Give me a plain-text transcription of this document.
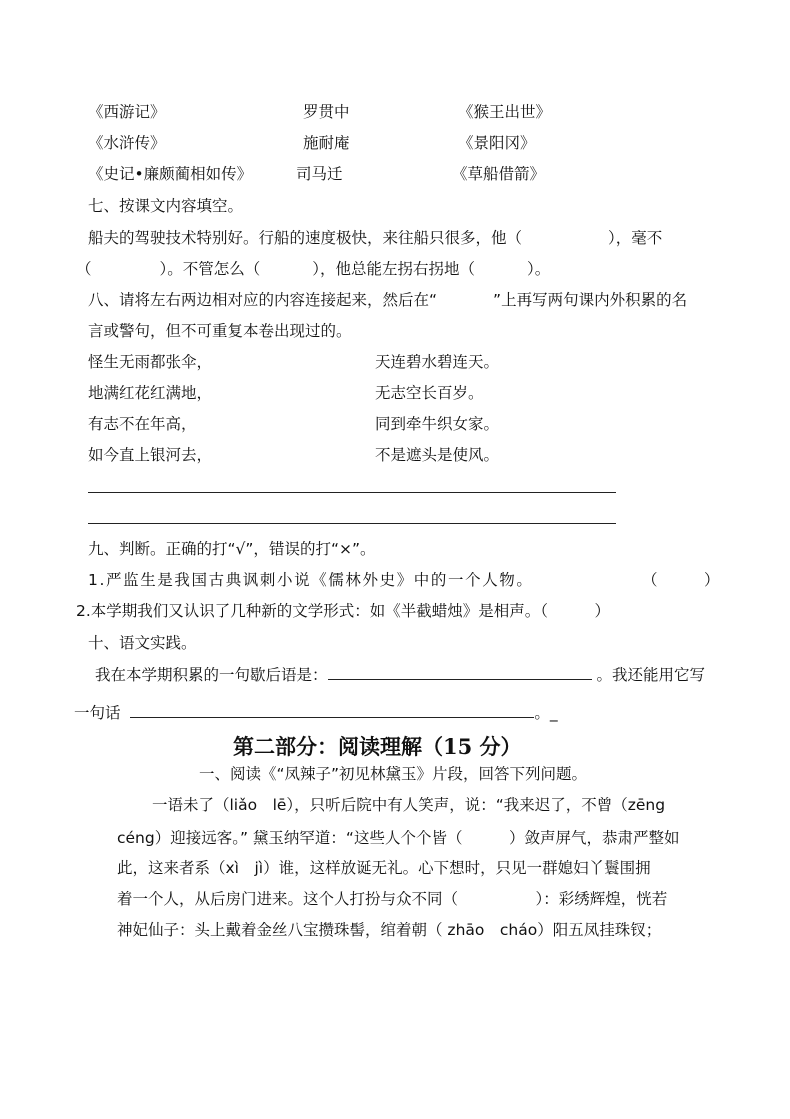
《西游记》	罗贯中	《猴王出世》
《水浒传》	施耐庵	《景阳冈》
《史记•廉颇蔺相如传》	司马迁	《草船借箭》
七、按课文内容填空。
船夫的驾驶技术特别好。行船的速度极快，来往船只很多，他（	），毫不
（	）。不管怎么（	），他总能左拐右拐地（	）。
八、请将左右两边相对应的内容连接起来，然后在“	”上再写两句课内外积累的名
言或警句，但不可重复本卷出现过的。
怪生无雨都张伞，	天连碧水碧连天。
地满红花红满地，	无志空长百岁。
有志不在年高，	同到牵牛织女家。
如今直上银河去，	不是遮头是使风。
九、判断。正确的打“√”，错误的打“×”。
1.严监生是我国古典讽刺小说《儒林外史》中的一个人物。	（　　　）
2.本学期我们又认识了几种新的文学形式：如《半截蜡烛》是相声。（　　　）
十、语文实践。
我在本学期积累的一句歇后语是：	。我还能用它写
一句话	。_
第二部分：阅读理解（15 分）
一、阅读《“凤辣子”初见林黛玉》片段，回答下列问题。
一语未了（liǎo　lē），只听后院中有人笑声，说：“我来迟了，不曾（zēng
céng）迎接远客。” 黛玉纳罕道：“这些人个个皆（　　　）敛声屏气，恭肃严整如
此，这来者系（xì　jì）谁，这样放诞无礼。心下想时，只见一群媳妇丫鬟围拥
着一个人，从后房门进来。这个人打扮与众不同（　　　　　）：彩绣辉煌，恍若
神妃仙子：头上戴着金丝八宝攒珠髻，绾着朝（ zhāo　cháo）阳五凤挂珠钗；
